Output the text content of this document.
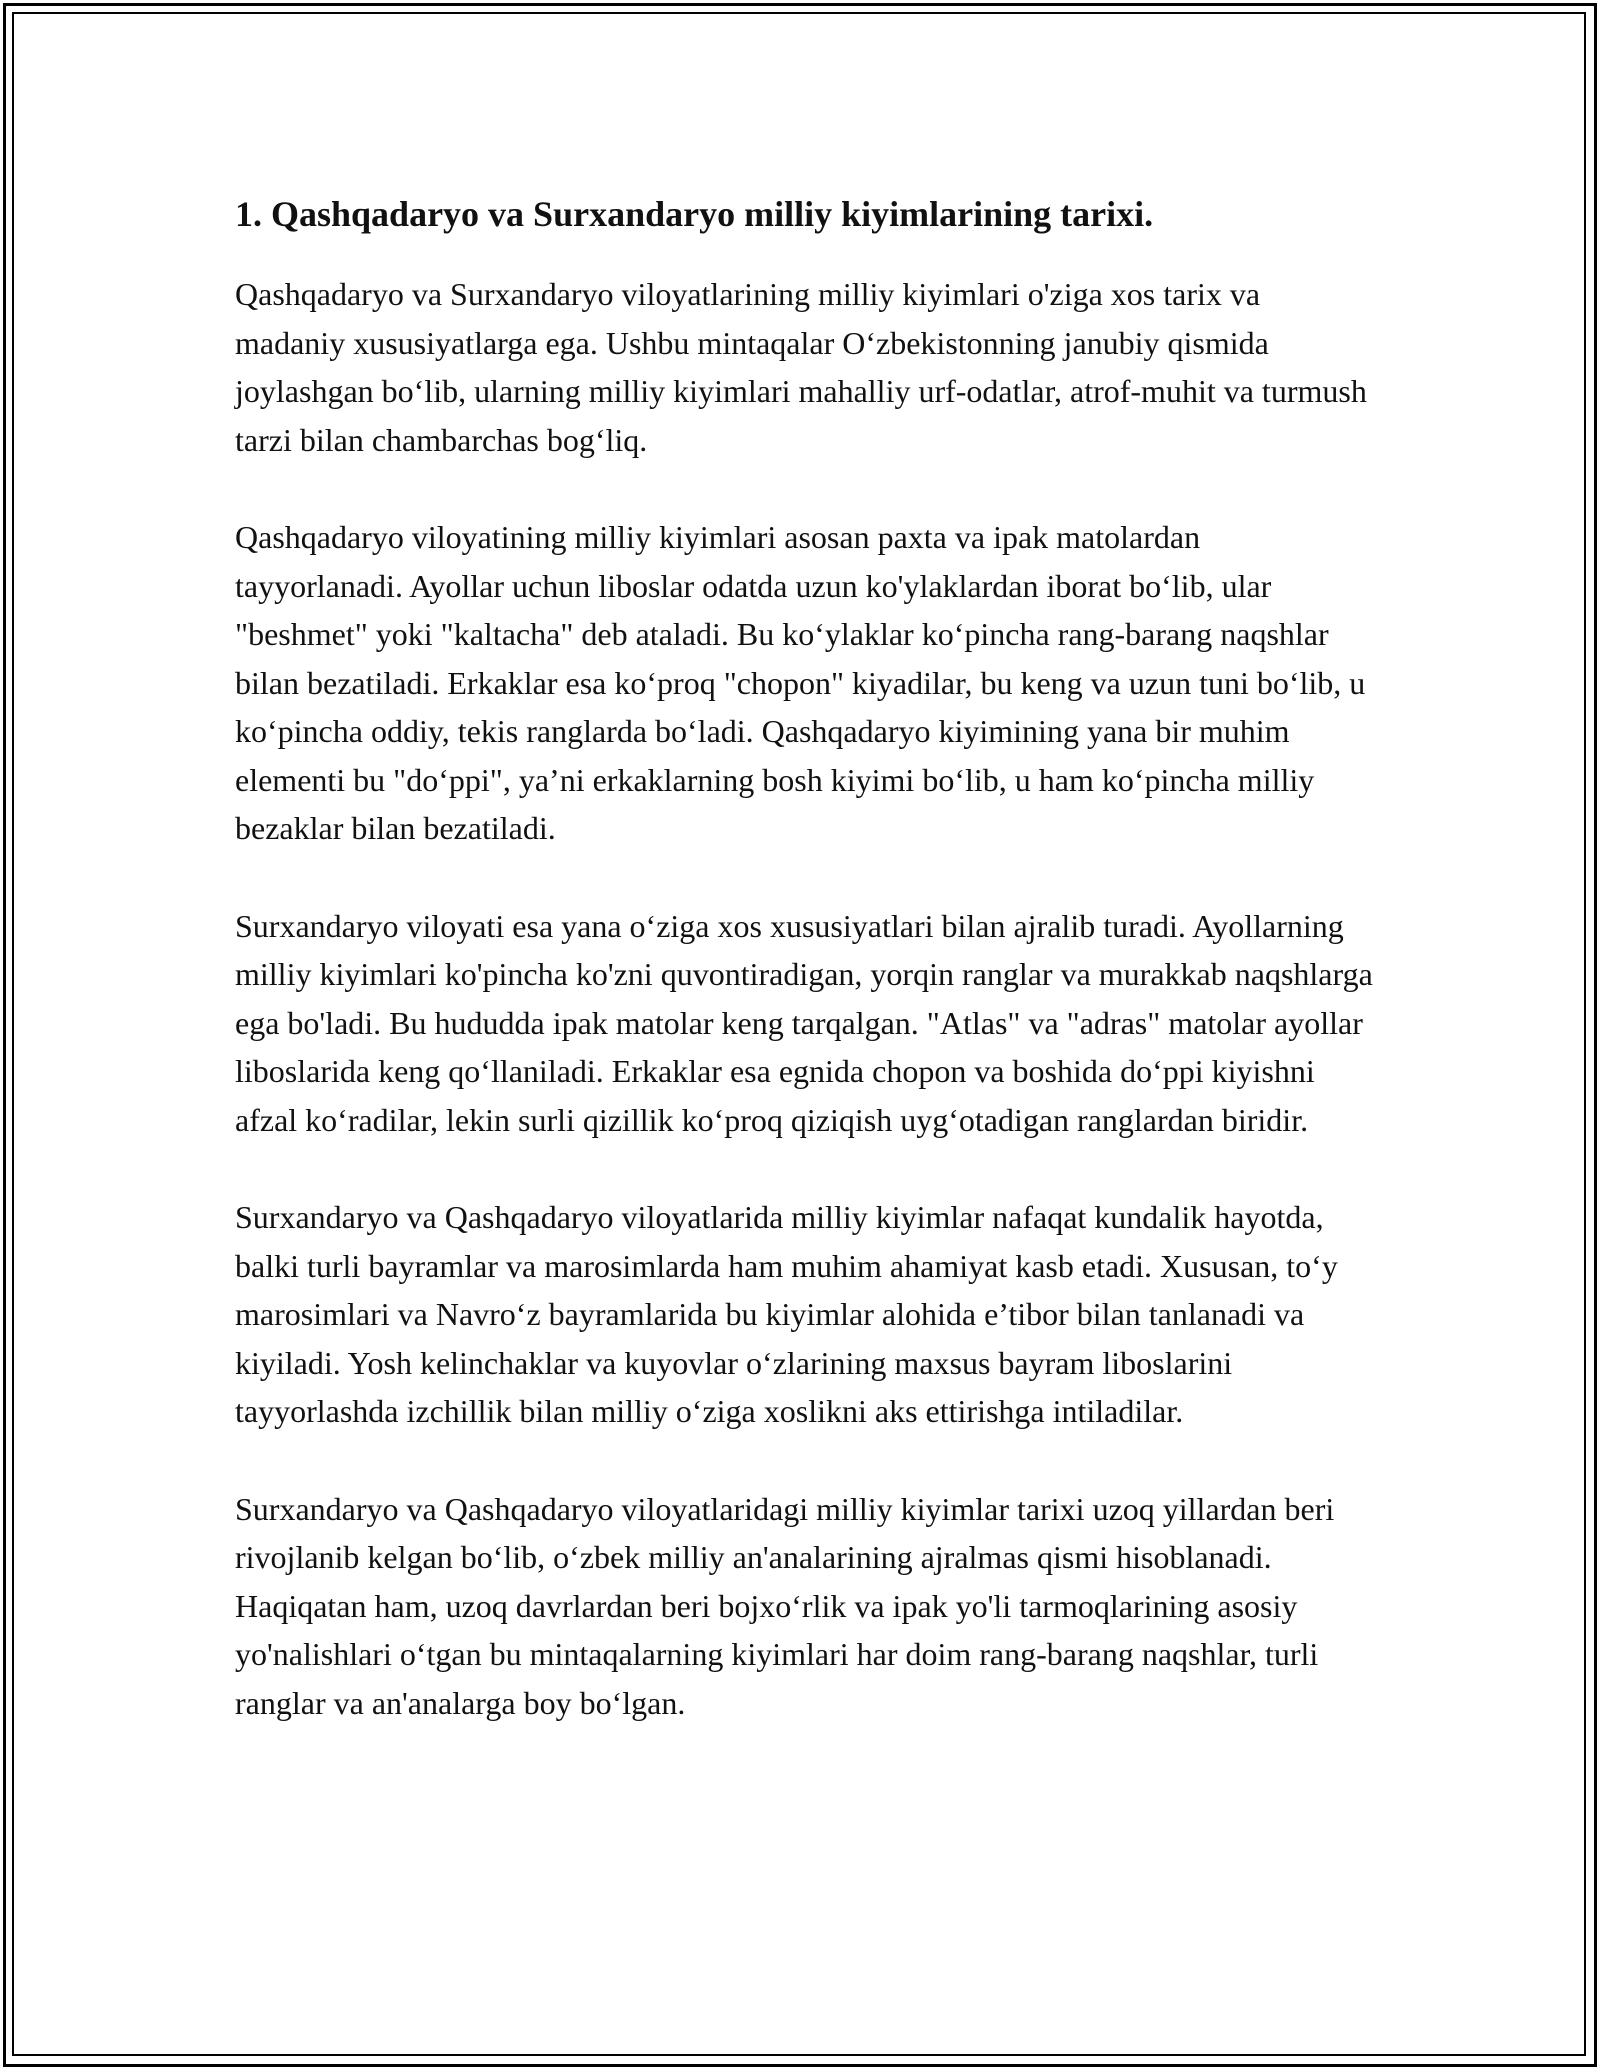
1. Qashqadaryo va Surxandaryo milliy kiyimlarining tarixi.

Qashqadaryo va Surxandaryo viloyatlarining milliy kiyimlari o'ziga xos tarix va madaniy xususiyatlarga ega. Ushbu mintaqalar O‘zbekistonning janubiy qismida joylashgan bo‘lib, ularning milliy kiyimlari mahalliy urf-odatlar, atrof-muhit va turmush tarzi bilan chambarchas bog‘liq.

Qashqadaryo viloyatining milliy kiyimlari asosan paxta va ipak matolardan tayyorlanadi. Ayollar uchun liboslar odatda uzun ko'ylaklardan iborat bo‘lib, ular "beshmet" yoki "kaltacha" deb ataladi. Bu ko‘ylaklar ko‘pincha rang-barang naqshlar bilan bezatiladi. Erkaklar esa ko‘proq "chopon" kiyadilar, bu keng va uzun tuni bo‘lib, u ko‘pincha oddiy, tekis ranglarda bo‘ladi. Qashqadaryo kiyimining yana bir muhim elementi bu "do‘ppi", ya’ni erkaklarning bosh kiyimi bo‘lib, u ham ko‘pincha milliy bezaklar bilan bezatiladi.

Surxandaryo viloyati esa yana o‘ziga xos xususiyatlari bilan ajralib turadi. Ayollarning milliy kiyimlari ko'pincha ko'zni quvontiradigan, yorqin ranglar va murakkab naqshlarga ega bo'ladi. Bu hududda ipak matolar keng tarqalgan. "Atlas" va "adras" matolar ayollar liboslarida keng qo‘llaniladi. Erkaklar esa egnida chopon va boshida do‘ppi kiyishni afzal ko‘radilar, lekin surli qizillik ko‘proq qiziqish uyg‘otadigan ranglardan biridir.

Surxandaryo va Qashqadaryo viloyatlarida milliy kiyimlar nafaqat kundalik hayotda, balki turli bayramlar va marosimlarda ham muhim ahamiyat kasb etadi. Xususan, to‘y marosimlari va Navro‘z bayramlarida bu kiyimlar alohida e’tibor bilan tanlanadi va kiyiladi. Yosh kelinchaklar va kuyovlar o‘zlarining maxsus bayram liboslarini tayyorlashda izchillik bilan milliy o‘ziga xoslikni aks ettirishga intiladilar.

Surxandaryo va Qashqadaryo viloyatlaridagi milliy kiyimlar tarixi uzoq yillardan beri rivojlanib kelgan bo‘lib, o‘zbek milliy an'analarining ajralmas qismi hisoblanadi. Haqiqatan ham, uzoq davrlardan beri bojxo‘rlik va ipak yo'li tarmoqlarining asosiy yo'nalishlari o‘tgan bu mintaqalarning kiyimlari har doim rang-barang naqshlar, turli ranglar va an'analarga boy bo‘lgan.
